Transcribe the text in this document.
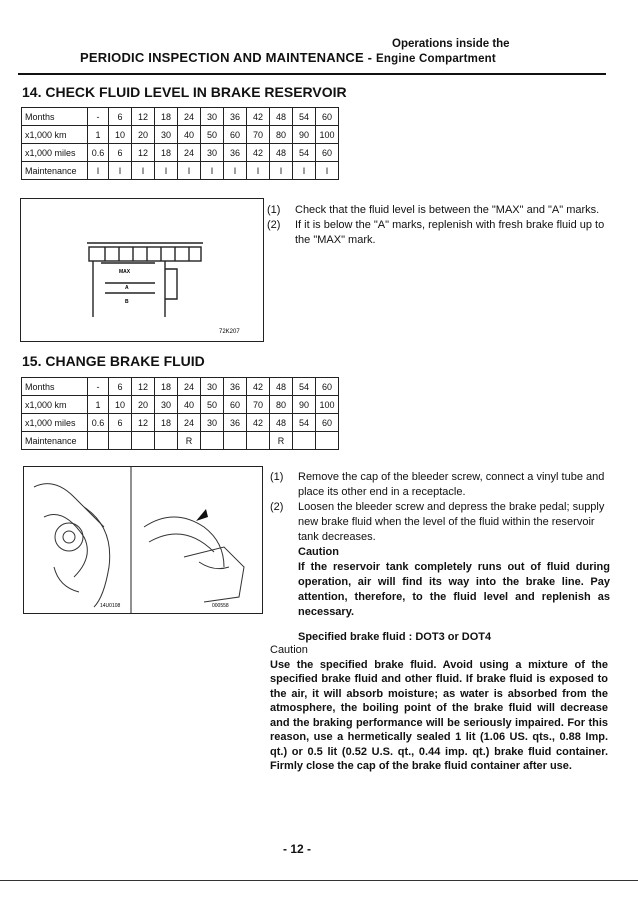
Operations inside the
PERIODIC INSPECTION AND MAINTENANCE - Engine Compartment
14. CHECK FLUID LEVEL IN BRAKE RESERVOIR
Months	-	6	12	18	24	30	36	42	48	54	60
x1,000 km	1	10	20	30	40	50	60	70	80	90	100
x1,000 miles	0.6	6	12	18	24	30	36	42	48	54	60
Maintenance	I	I	I	I	I	I	I	I	I	I	I
MAX
A
B
72K207
(1)	Check that the fluid level is between the "MAX" and "A" marks.
(2)	If it is below the "A" marks, replenish with fresh brake fluid up to the "MAX" mark.
15. CHANGE BRAKE FLUID
Months	-	6	12	18	24	30	36	42	48	54	60
x1,000 km	1	10	20	30	40	50	60	70	80	90	100
x1,000 miles	0.6	6	12	18	24	30	36	42	48	54	60
Maintenance					R				R		
14U0108	000558
(1)	Remove the cap of the bleeder screw, connect a vinyl tube and place its other end in a receptacle.
(2)	Loosen the bleeder screw and depress the brake pedal; supply new brake fluid when the level of the fluid within the reservoir tank decreases.
Caution
If the reservoir tank completely runs out of fluid during operation, air will find its way into the brake line. Pay attention, therefore, to the fluid level and replenish as necessary.
Specified brake fluid : DOT3 or DOT4
Caution
Use the specified brake fluid. Avoid using a mixture of the specified brake fluid and other fluid. If brake fluid is exposed to the air, it will absorb moisture; as water is absorbed from the atmosphere, the boiling point of the brake fluid will decrease and the braking performance will be seriously impaired. For this reason, use a hermetically sealed 1 lit (1.06 US. qts., 0.88 Imp. qt.) or 0.5 lit (0.52 U.S. qt., 0.44 imp. qt.) brake fluid container. Firmly close the cap of the brake fluid container after use.
- 12 -
